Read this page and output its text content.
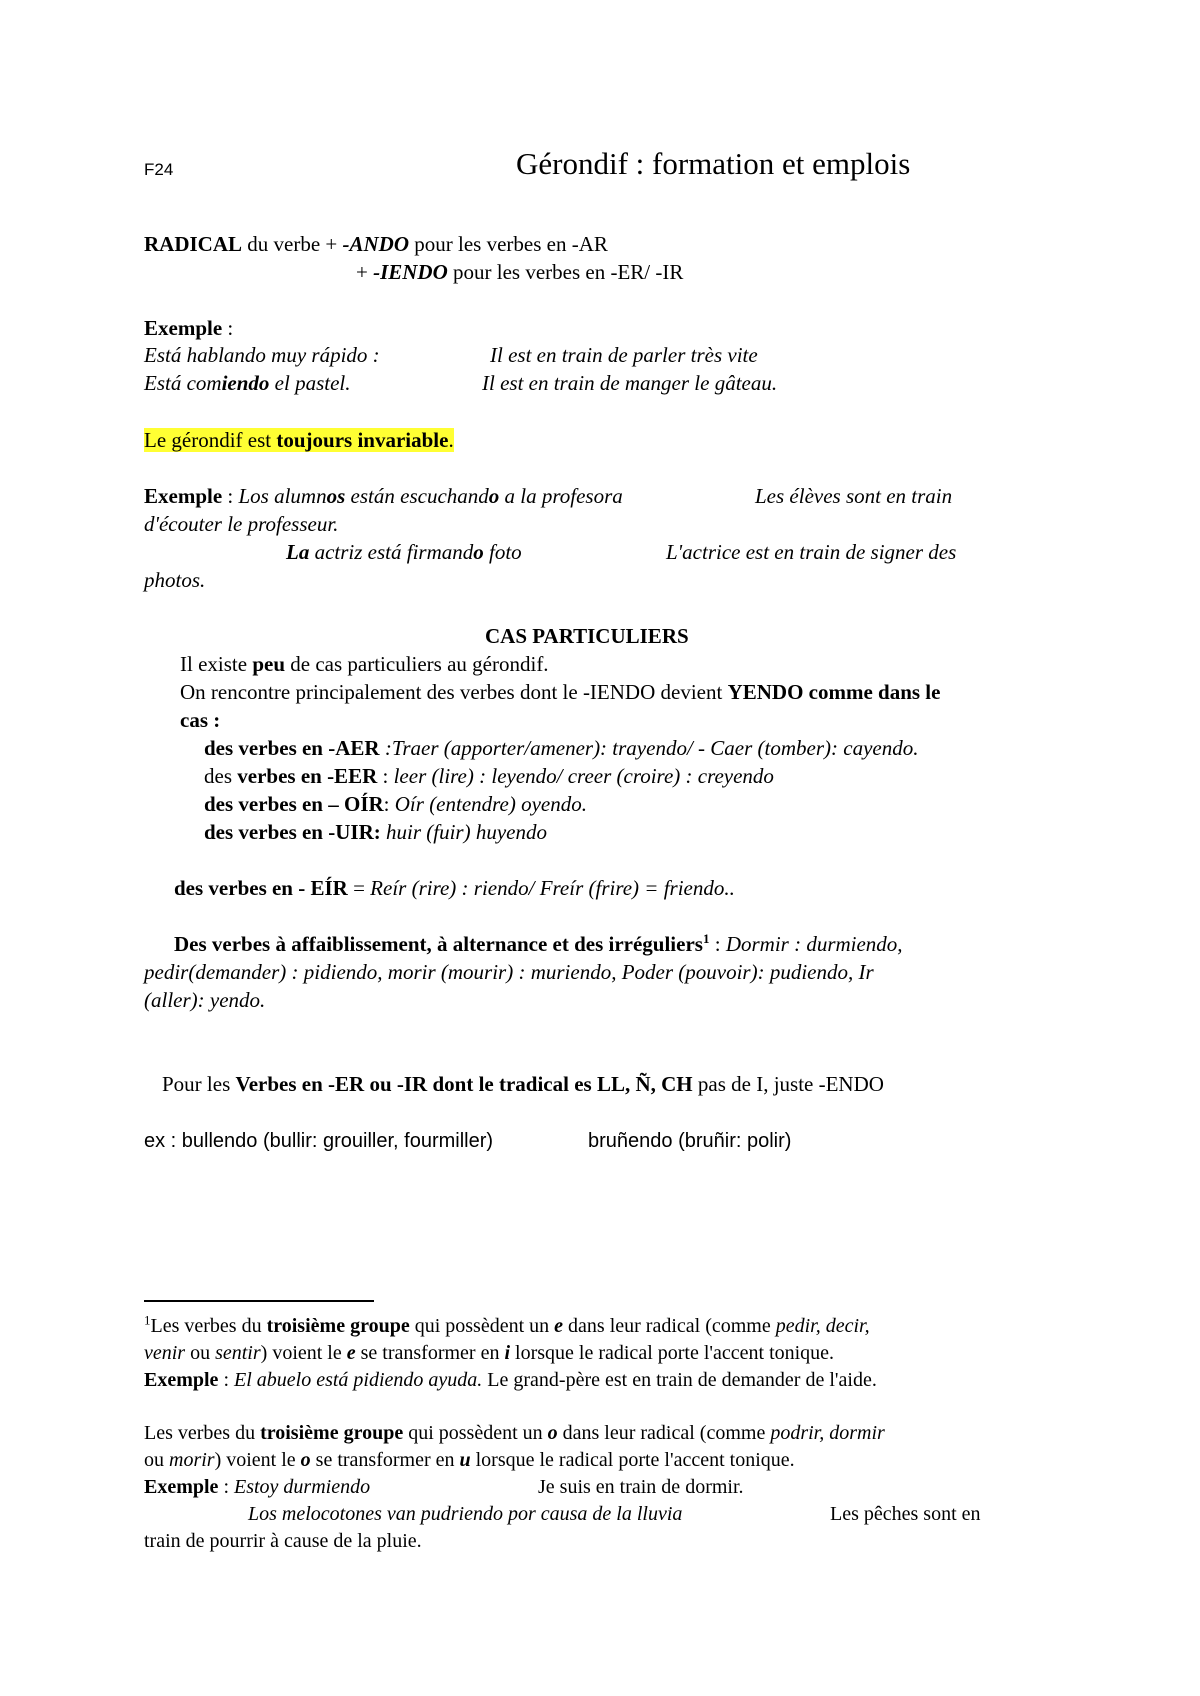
F24	Gérondif : formation et emplois
RADICAL du verbe + -ANDO pour les verbes en -AR
+ -IENDO pour les verbes en -ER/ -IR
Exemple :
Está hablando muy rápido :	Il est en train de parler très vite
Está comiendo el pastel.	Il est en train de manger le gâteau.
Le gérondif est toujours invariable.
Exemple : Los alumnos están escuchando a la profesora	Les élèves sont en train
d'écouter le professeur.
La actriz está firmando foto	L'actrice est en train de signer des
photos.
CAS PARTICULIERS
Il existe peu de cas particuliers au gérondif.
On rencontre principalement des verbes dont le -IENDO devient YENDO comme dans le
cas :
des verbes en -AER :Traer (apporter/amener): trayendo/ - Caer (tomber): cayendo.
des verbes en -EER : leer (lire) : leyendo/ creer (croire) : creyendo
des verbes en – OÍR: Oír (entendre) oyendo.
des verbes en -UIR: huir (fuir) huyendo
des verbes en - EÍR = Reír (rire) : riendo/ Freír (frire) = friendo..
Des verbes à affaiblissement, à alternance et des irréguliers$^1$ : Dormir : durmiendo,
pedir(demander) : pidiendo, morir (mourir) : muriendo, Poder (pouvoir): pudiendo, Ir
(aller): yendo.
Pour les Verbes en -ER ou -IR dont le tradical es LL, Ñ, CH pas de I, juste -ENDO
ex : bullendo (bullir: grouiller, fourmiller)	bruñendo (bruñir: polir)
$^1$Les verbes du troisième groupe qui possèdent un e dans leur radical (comme pedir, decir,
venir ou sentir) voient le e se transformer en i lorsque le radical porte l'accent tonique.
Exemple : El abuelo está pidiendo ayuda. Le grand-père est en train de demander de l'aide.
Les verbes du troisième groupe qui possèdent un o dans leur radical (comme podrir, dormir
ou morir) voient le o se transformer en u lorsque le radical porte l'accent tonique.
Exemple : Estoy durmiendo	Je suis en train de dormir.
Los melocotones van pudriendo por causa de la lluvia	Les pêches sont en
train de pourrir à cause de la pluie.
